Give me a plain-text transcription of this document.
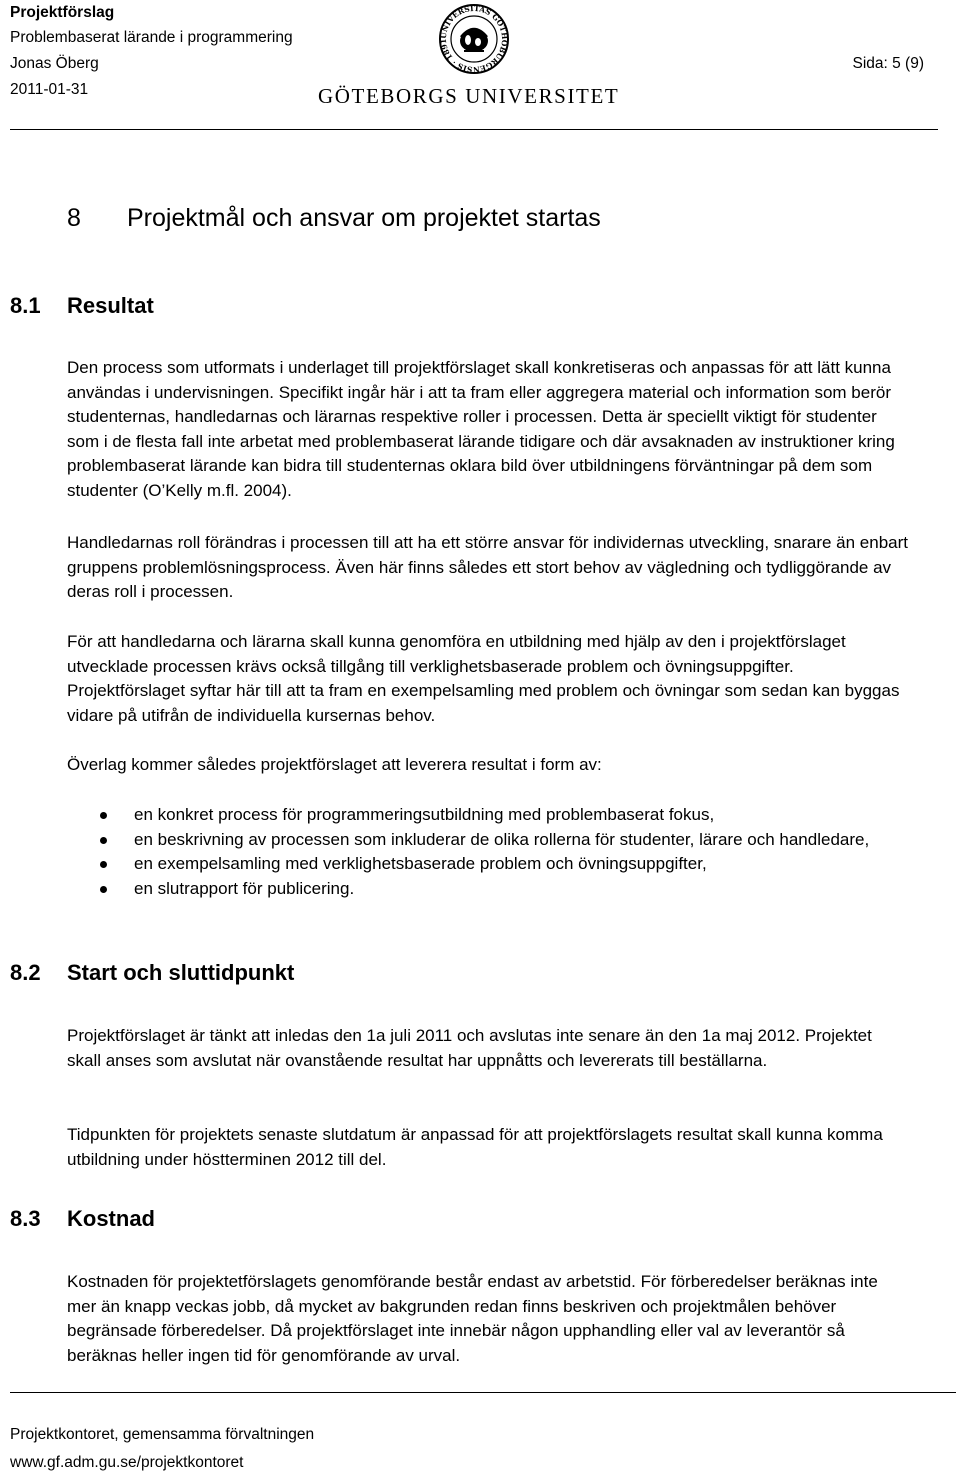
Projektförslag
Problembaserat lärande i programmering
Jonas Öberg
2011-01-31
Sida: 5 (9)
UNIVERSITAS GOTHOBURGENSIS · 1891
GÖTEBORGS UNIVERSITET
8 Projektmål och ansvar om projektet startas
8.1 Resultat

Den process som utformats i underlaget till projektförslaget skall konkretiseras och anpassas för att lätt kunna användas i undervisningen. Specifikt ingår här i att ta fram eller aggregera material och information som berör studenternas, handledarnas och lärarnas respektive roller i processen. Detta är speciellt viktigt för studenter som i de flesta fall inte arbetat med problembaserat lärande tidigare och där avsaknaden av instruktioner kring problembaserat lärande kan bidra till studenternas oklara bild över utbildningens förväntningar på dem som studenter (O’Kelly m.fl. 2004).

Handledarnas roll förändras i processen till att ha ett större ansvar för individernas utveckling, snarare än enbart gruppens problemlösningsprocess. Även här finns således ett stort behov av vägledning och tydliggörande av deras roll i processen.

För att handledarna och lärarna skall kunna genomföra en utbildning med hjälp av den i projektförslaget utvecklade processen krävs också tillgång till verklighetsbaserade problem och övningsuppgifter. Projektförslaget syftar här till att ta fram en exempelsamling med problem och övningar som sedan kan byggas vidare på utifrån de individuella kursernas behov.

Överlag kommer således projektförslaget att leverera resultat i form av:

en konkret process för programmeringsutbildning med problembaserat fokus,
en beskrivning av processen som inkluderar de olika rollerna för studenter, lärare och handledare,
en exempelsamling med verklighetsbaserade problem och övningsuppgifter,
en slutrapport för publicering.
8.2 Start och sluttidpunkt

Projektförslaget är tänkt att inledas den 1a juli 2011 och avslutas inte senare än den 1a maj 2012. Projektet skall anses som avslutat när ovanstående resultat har uppnåtts och levererats till beställarna.

Tidpunkten för projektets senaste slutdatum är anpassad för att projektförslagets resultat skall kunna komma utbildning under höstterminen 2012 till del.

8.3 Kostnad

Kostnaden för projektetförslagets genomförande består endast av arbetstid. För förberedelser beräknas inte mer än knapp veckas jobb, då mycket av bakgrunden redan finns beskriven och projektmålen behöver begränsade förberedelser. Då projektförslaget inte innebär någon upphandling eller val av leverantör så beräknas heller ingen tid för genomförande av urval.

Projektkontoret, gemensamma förvaltningen
www.gf.adm.gu.se/projektkontoret
